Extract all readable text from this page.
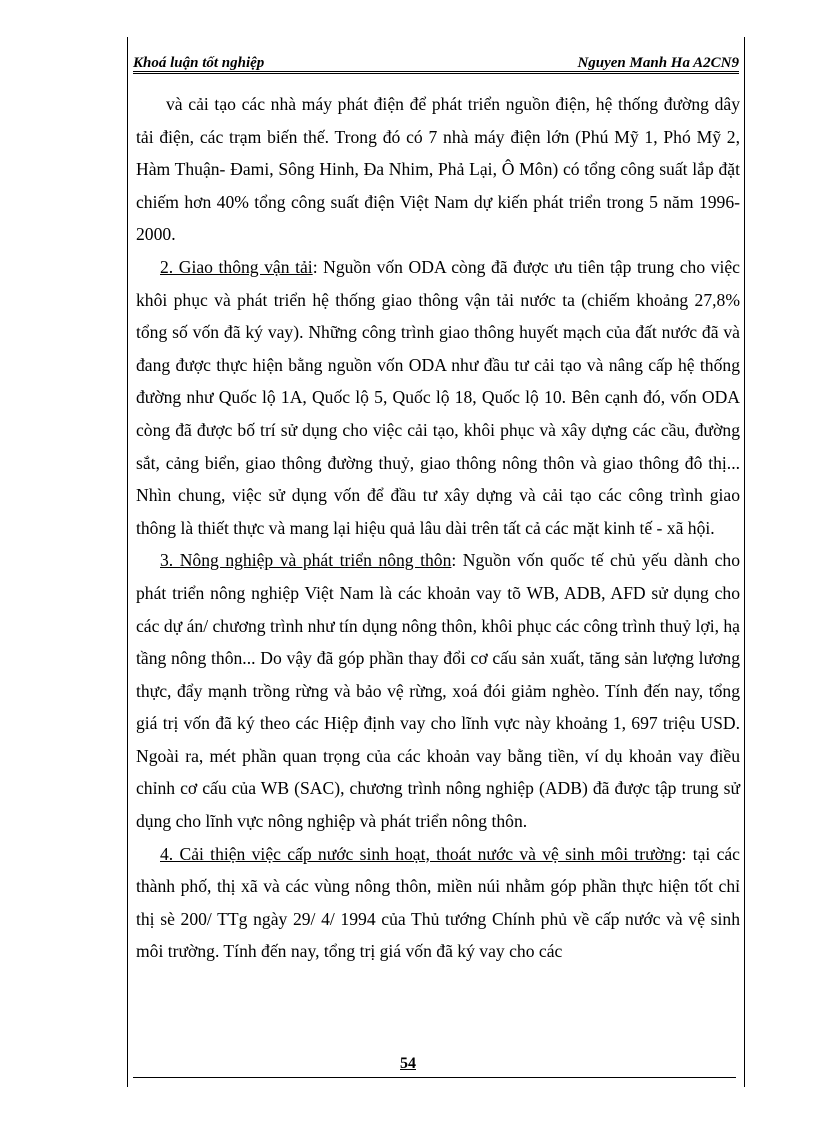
Khoá luận tốt nghiệp	Nguyen Manh Ha A2CN9

và cải tạo các nhà máy phát điện để phát triển nguồn điện, hệ thống đường dây tải điện, các trạm biến thế. Trong đó có 7 nhà máy điện lớn (Phú Mỹ 1, Phó Mỹ 2, Hàm Thuận- Đami, Sông Hinh, Đa Nhim, Phả Lại, Ô Môn) có tổng công suất lắp đặt chiếm hơn 40% tổng công suất điện Việt Nam dự kiến phát triển trong 5 năm 1996-2000.

2. Giao thông vận tải: Nguồn vốn ODA còng đã được ưu tiên tập trung cho việc khôi phục và phát triển hệ thống giao thông vận tải nước ta (chiếm khoảng 27,8% tổng số vốn đã ký vay). Những công trình giao thông huyết mạch của đất nước đã và đang được thực hiện bằng nguồn vốn ODA như đầu tư cải tạo và nâng cấp hệ thống đường như Quốc lộ 1A, Quốc lộ 5, Quốc lộ 18, Quốc lộ 10. Bên cạnh đó, vốn ODA còng đã được bố trí sử dụng cho việc cải tạo, khôi phục và xây dựng các cầu, đường sắt, cảng biển, giao thông đường thuỷ, giao thông nông thôn và giao thông đô thị... Nhìn chung, việc sử dụng vốn để đầu tư xây dựng và cải tạo các công trình giao thông là thiết thực và mang lại hiệu quả lâu dài trên tất cả các mặt kinh tế - xã hội.

3. Nông nghiệp và phát triển nông thôn: Nguồn vốn quốc tế chủ yếu dành cho phát triển nông nghiệp Việt Nam là các khoản vay tõ WB, ADB, AFD sử dụng cho các dự án/ chương trình như tín dụng nông thôn, khôi phục các công trình thuỷ lợi, hạ tầng nông thôn... Do vậy đã góp phần thay đổi cơ cấu sản xuất, tăng sản lượng lương thực, đẩy mạnh trồng rừng và bảo vệ rừng, xoá đói giảm nghèo. Tính đến nay, tổng giá trị vốn đã ký theo các Hiệp định vay cho lĩnh vực này khoảng 1, 697 triệu USD. Ngoài ra, mét phần quan trọng của các khoản vay bằng tiền, ví dụ khoản vay điều chỉnh cơ cấu của WB (SAC), chương trình nông nghiệp (ADB) đã được tập trung sử dụng cho lĩnh vực nông nghiệp và phát triển nông thôn.

4. Cải thiện việc cấp nước sinh hoạt, thoát nước và vệ sinh môi trường: tại các thành phố, thị xã và các vùng nông thôn, miền núi nhằm góp phần thực hiện tốt chỉ thị sè 200/ TTg ngày 29/ 4/ 1994 của Thủ tướng Chính phủ về cấp nước và vệ sinh môi trường. Tính đến nay, tổng trị giá vốn đã ký vay cho các

54
